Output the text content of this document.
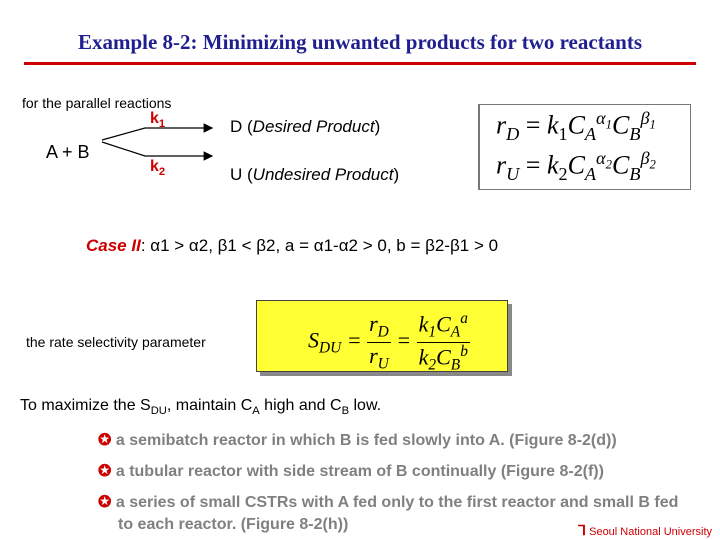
Example 8-2: Minimizing unwanted products for two reactants
for the parallel reactions
A + B
$k_1$
$k_2$
D (Desired Product)
U (Undesired Product)
$r_D = k_1C_A^{\alpha_1}C_B^{\beta_1}$
$r_U = k_2C_A^{\alpha_2}C_B^{\beta_2}$
Case II: α1 > α2, β1 < β2, a = α1-α2 > 0, b = β2-β1 > 0
the rate selectivity parameter	$S_{DU} = \frac{r_D}{r_U} = \frac{k_1C_A^a}{k_2C_B^b}$
To maximize the $S_{DU}$, maintain $C_A$ high and $C_B$ low.
✪ a semibatch reactor in which B is fed slowly into A. (Figure 8-2(d))
✪ a tubular reactor with side stream of B continually (Figure 8-2(f))
✪ a series of small CSTRs with A fed only to the first reactor and small B fed
to each reactor. (Figure 8-2(h))	⅂ Seoul National University
